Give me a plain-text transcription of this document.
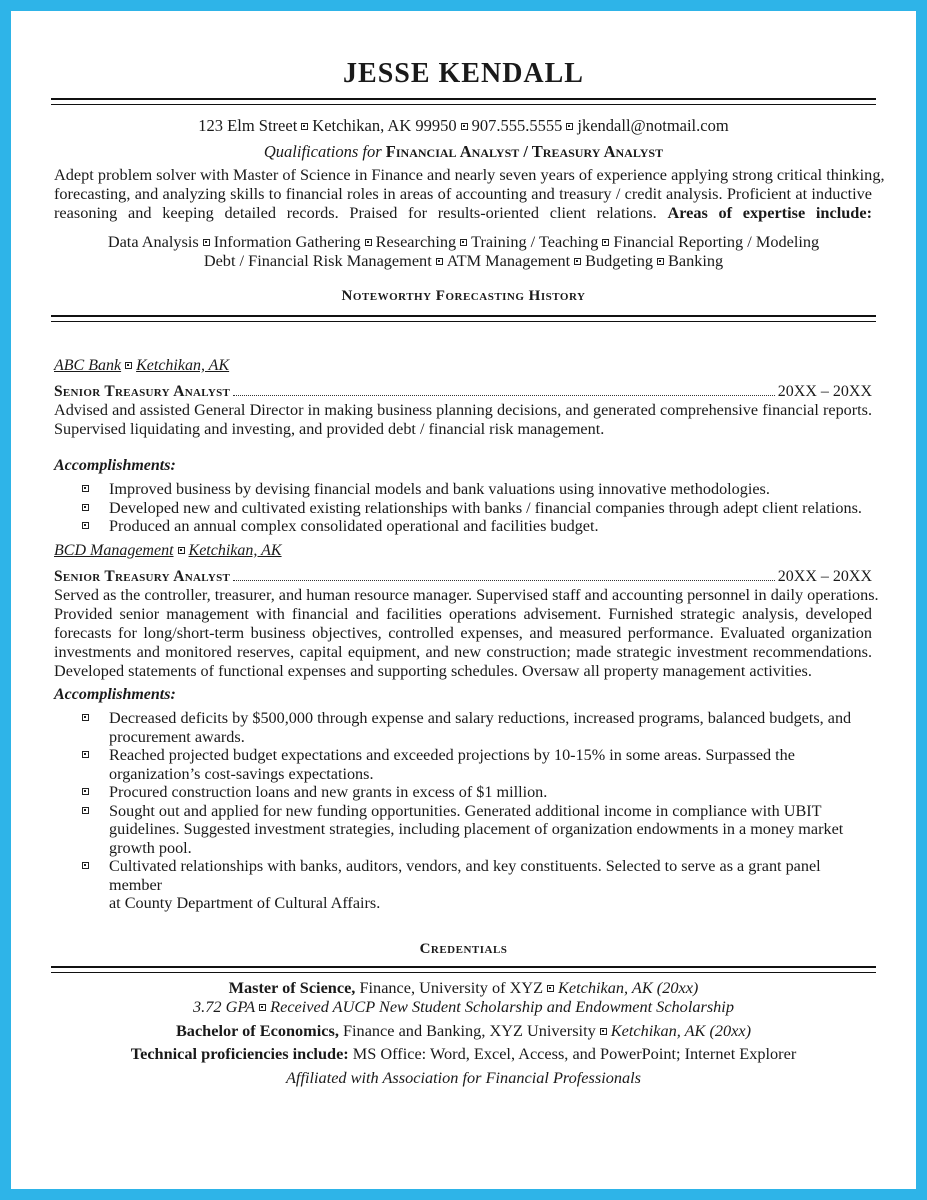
JESSE KENDALL
123 Elm Street Ketchikan, AK 99950 907.555.5555 jkendall@notmail.com
Qualifications for Financial Analyst / Treasury Analyst
Adept problem solver with Master of Science in Finance and nearly seven years of experience applying strong critical thinking,
forecasting, and analyzing skills to financial roles in areas of accounting and treasury / credit analysis. Proficient at inductive
reasoning and keeping detailed records. Praised for results-oriented client relations. Areas of expertise include:
Data Analysis Information Gathering Researching Training / Teaching Financial Reporting / Modeling
Debt / Financial Risk Management ATM Management Budgeting Banking
Noteworthy Forecasting History
ABC Bank Ketchikan, AK
Senior Treasury Analyst	20XX – 20XX
Advised and assisted General Director in making business planning decisions, and generated comprehensive financial reports.
Supervised liquidating and investing, and provided debt / financial risk management.
Accomplishments:
Improved business by devising financial models and bank valuations using innovative methodologies.
Developed new and cultivated existing relationships with banks / financial companies through adept client relations.
Produced an annual complex consolidated operational and facilities budget.
BCD Management Ketchikan, AK
Senior Treasury Analyst	20XX – 20XX
Served as the controller, treasurer, and human resource manager. Supervised staff and accounting personnel in daily operations.
Provided senior management with financial and facilities operations advisement. Furnished strategic analysis, developed
forecasts for long/short-term business objectives, controlled expenses, and measured performance. Evaluated organization
investments and monitored reserves, capital equipment, and new construction; made strategic investment recommendations.
Developed statements of functional expenses and supporting schedules. Oversaw all property management activities.
Accomplishments:
Decreased deficits by $500,000 through expense and salary reductions, increased programs, balanced budgets, and
procurement awards.
Reached projected budget expectations and exceeded projections by 10-15% in some areas. Surpassed the
organization’s cost-savings expectations.
Procured construction loans and new grants in excess of $1 million.
Sought out and applied for new funding opportunities. Generated additional income in compliance with UBIT
guidelines. Suggested investment strategies, including placement of organization endowments in a money market
growth pool.
Cultivated relationships with banks, auditors, vendors, and key constituents. Selected to serve as a grant panel member
at County Department of Cultural Affairs.
Credentials
Master of Science, Finance, University of XYZ Ketchikan, AK (20xx)
3.72 GPA Received AUCP New Student Scholarship and Endowment Scholarship
Bachelor of Economics, Finance and Banking, XYZ University Ketchikan, AK (20xx)
Technical proficiencies include: MS Office: Word, Excel, Access, and PowerPoint; Internet Explorer
Affiliated with Association for Financial Professionals
